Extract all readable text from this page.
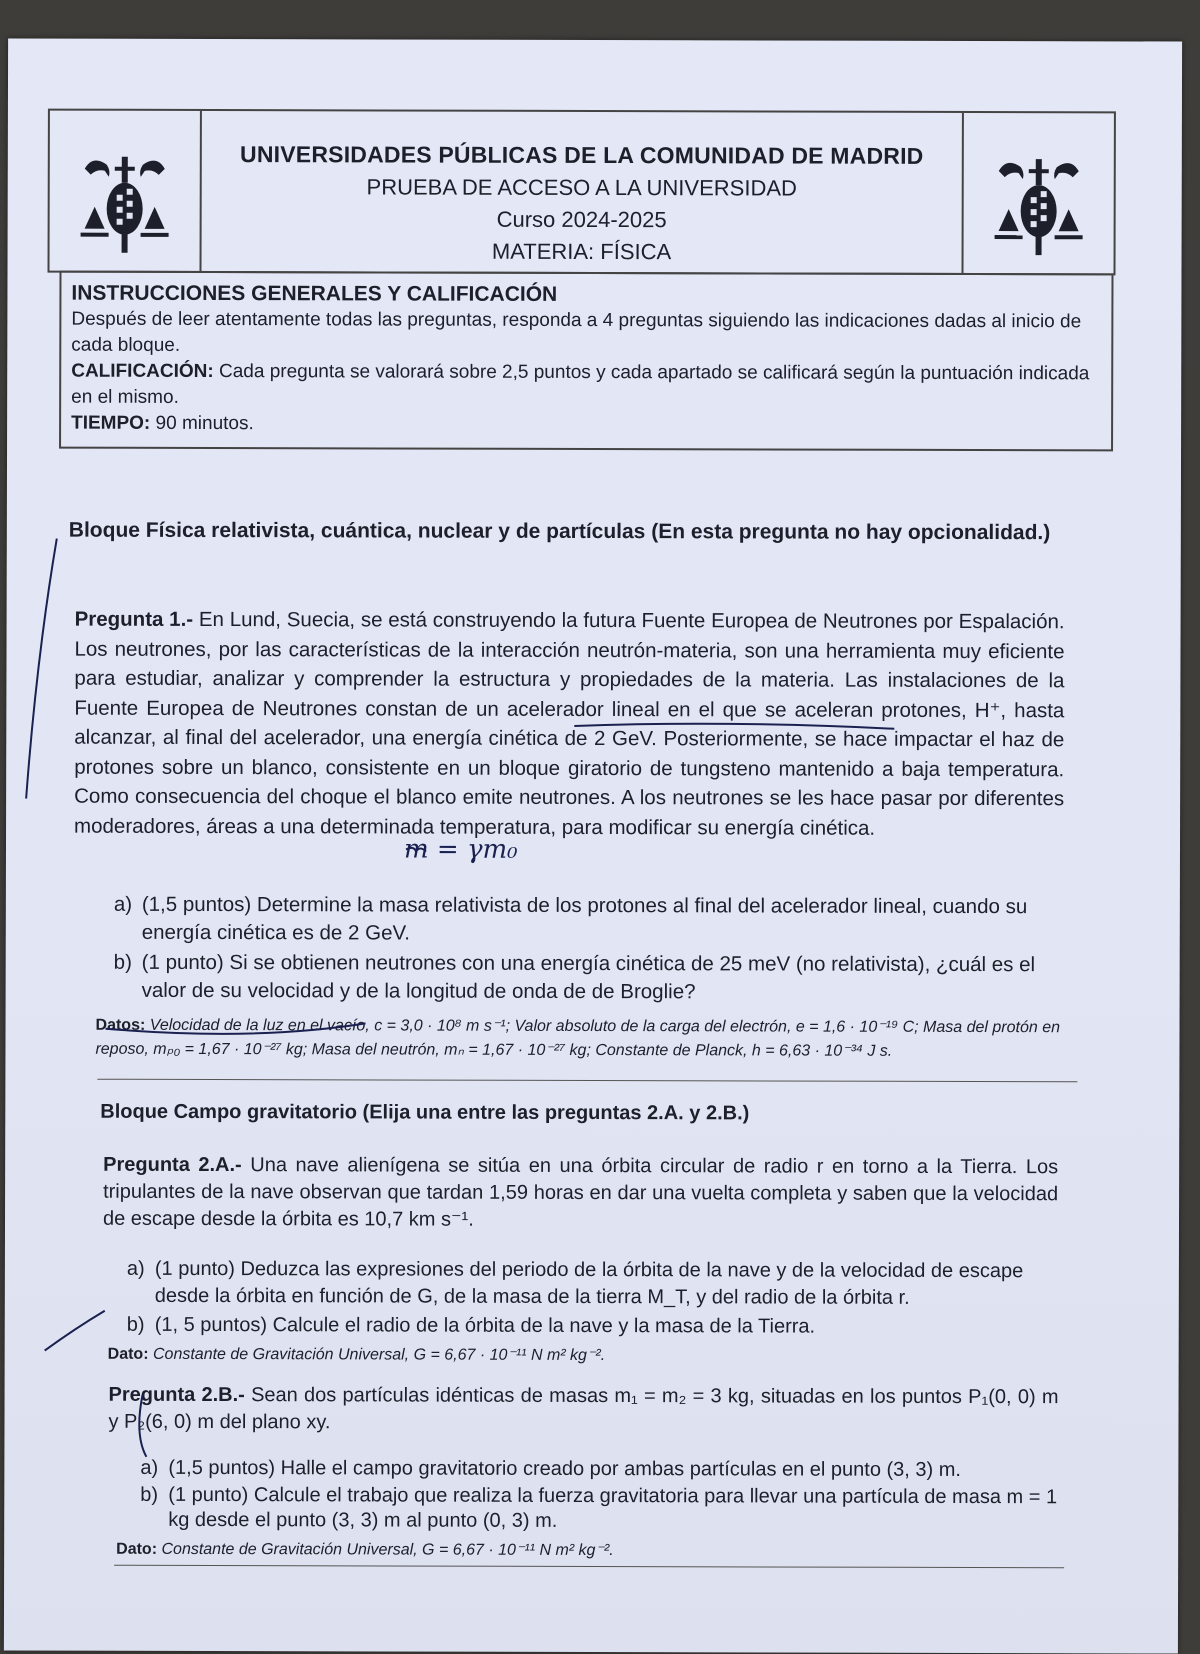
UNIVERSIDADES PÚBLICAS DE LA COMUNIDAD DE MADRID
PRUEBA DE ACCESO A LA UNIVERSIDAD
Curso 2024-2025
MATERIA: FÍSICA
INSTRUCCIONES GENERALES Y CALIFICACIÓN
Después de leer atentamente todas las preguntas, responda a 4 preguntas siguiendo las indicaciones dadas al inicio de cada bloque.
CALIFICACIÓN: Cada pregunta se valorará sobre 2,5 puntos y cada apartado se calificará según la puntuación indicada en el mismo.
TIEMPO: 90 minutos.
Bloque Física relativista, cuántica, nuclear y de partículas (En esta pregunta no hay opcionalidad.)
Pregunta 1.- En Lund, Suecia, se está construyendo la futura Fuente Europea de Neutrones por Espalación. Los neutrones, por las características de la interacción neutrón-materia, son una herramienta muy eficiente para estudiar, analizar y comprender la estructura y propiedades de la materia. Las instalaciones de la Fuente Europea de Neutrones constan de un acelerador lineal en el que se aceleran protones, H⁺, hasta alcanzar, al final del acelerador, una energía cinética de 2 GeV. Posteriormente, se hace impactar el haz de protones sobre un blanco, consistente en un bloque giratorio de tungsteno mantenido a baja temperatura. Como consecuencia del choque el blanco emite neutrones. A los neutrones se les hace pasar por diferentes moderadores, áreas a una determinada temperatura, para modificar su energía cinética.
a) (1,5 puntos) Determine la masa relativista de los protones al final del acelerador lineal, cuando su energía cinética es de 2 GeV.
b) (1 punto) Si se obtienen neutrones con una energía cinética de 25 meV (no relativista), ¿cuál es el valor de su velocidad y de la longitud de onda de de Broglie?
Datos: Velocidad de la luz en el vacío, c = 3,0 · 10⁸ m s⁻¹; Valor absoluto de la carga del electrón, e = 1,6 · 10⁻¹⁹ C; Masa del protón en reposo, mₚ₀ = 1,67 · 10⁻²⁷ kg; Masa del neutrón, mₙ = 1,67 · 10⁻²⁷ kg; Constante de Planck, h = 6,63 · 10⁻³⁴ J s.
Bloque Campo gravitatorio (Elija una entre las preguntas 2.A. y 2.B.)
Pregunta 2.A.- Una nave alienígena se sitúa en una órbita circular de radio r en torno a la Tierra. Los tripulantes de la nave observan que tardan 1,59 horas en dar una vuelta completa y saben que la velocidad de escape desde la órbita es 10,7 km s⁻¹.
a) (1 punto) Deduzca las expresiones del periodo de la órbita de la nave y de la velocidad de escape desde la órbita en función de G, de la masa de la tierra M_T, y del radio de la órbita r.
b) (1, 5 puntos) Calcule el radio de la órbita de la nave y la masa de la Tierra.
Dato: Constante de Gravitación Universal, G = 6,67 · 10⁻¹¹ N m² kg⁻².
Pregunta 2.B.- Sean dos partículas idénticas de masas m₁ = m₂ = 3 kg, situadas en los puntos P₁(0, 0) m y P₂(6, 0) m del plano xy.
a) (1,5 puntos) Halle el campo gravitatorio creado por ambas partículas en el punto (3, 3) m.
b) (1 punto) Calcule el trabajo que realiza la fuerza gravitatoria para llevar una partícula de masa m = 1 kg desde el punto (3, 3) m al punto (0, 3) m.
Dato: Constante de Gravitación Universal, G = 6,67 · 10⁻¹¹ N m² kg⁻².
m = γm₀
